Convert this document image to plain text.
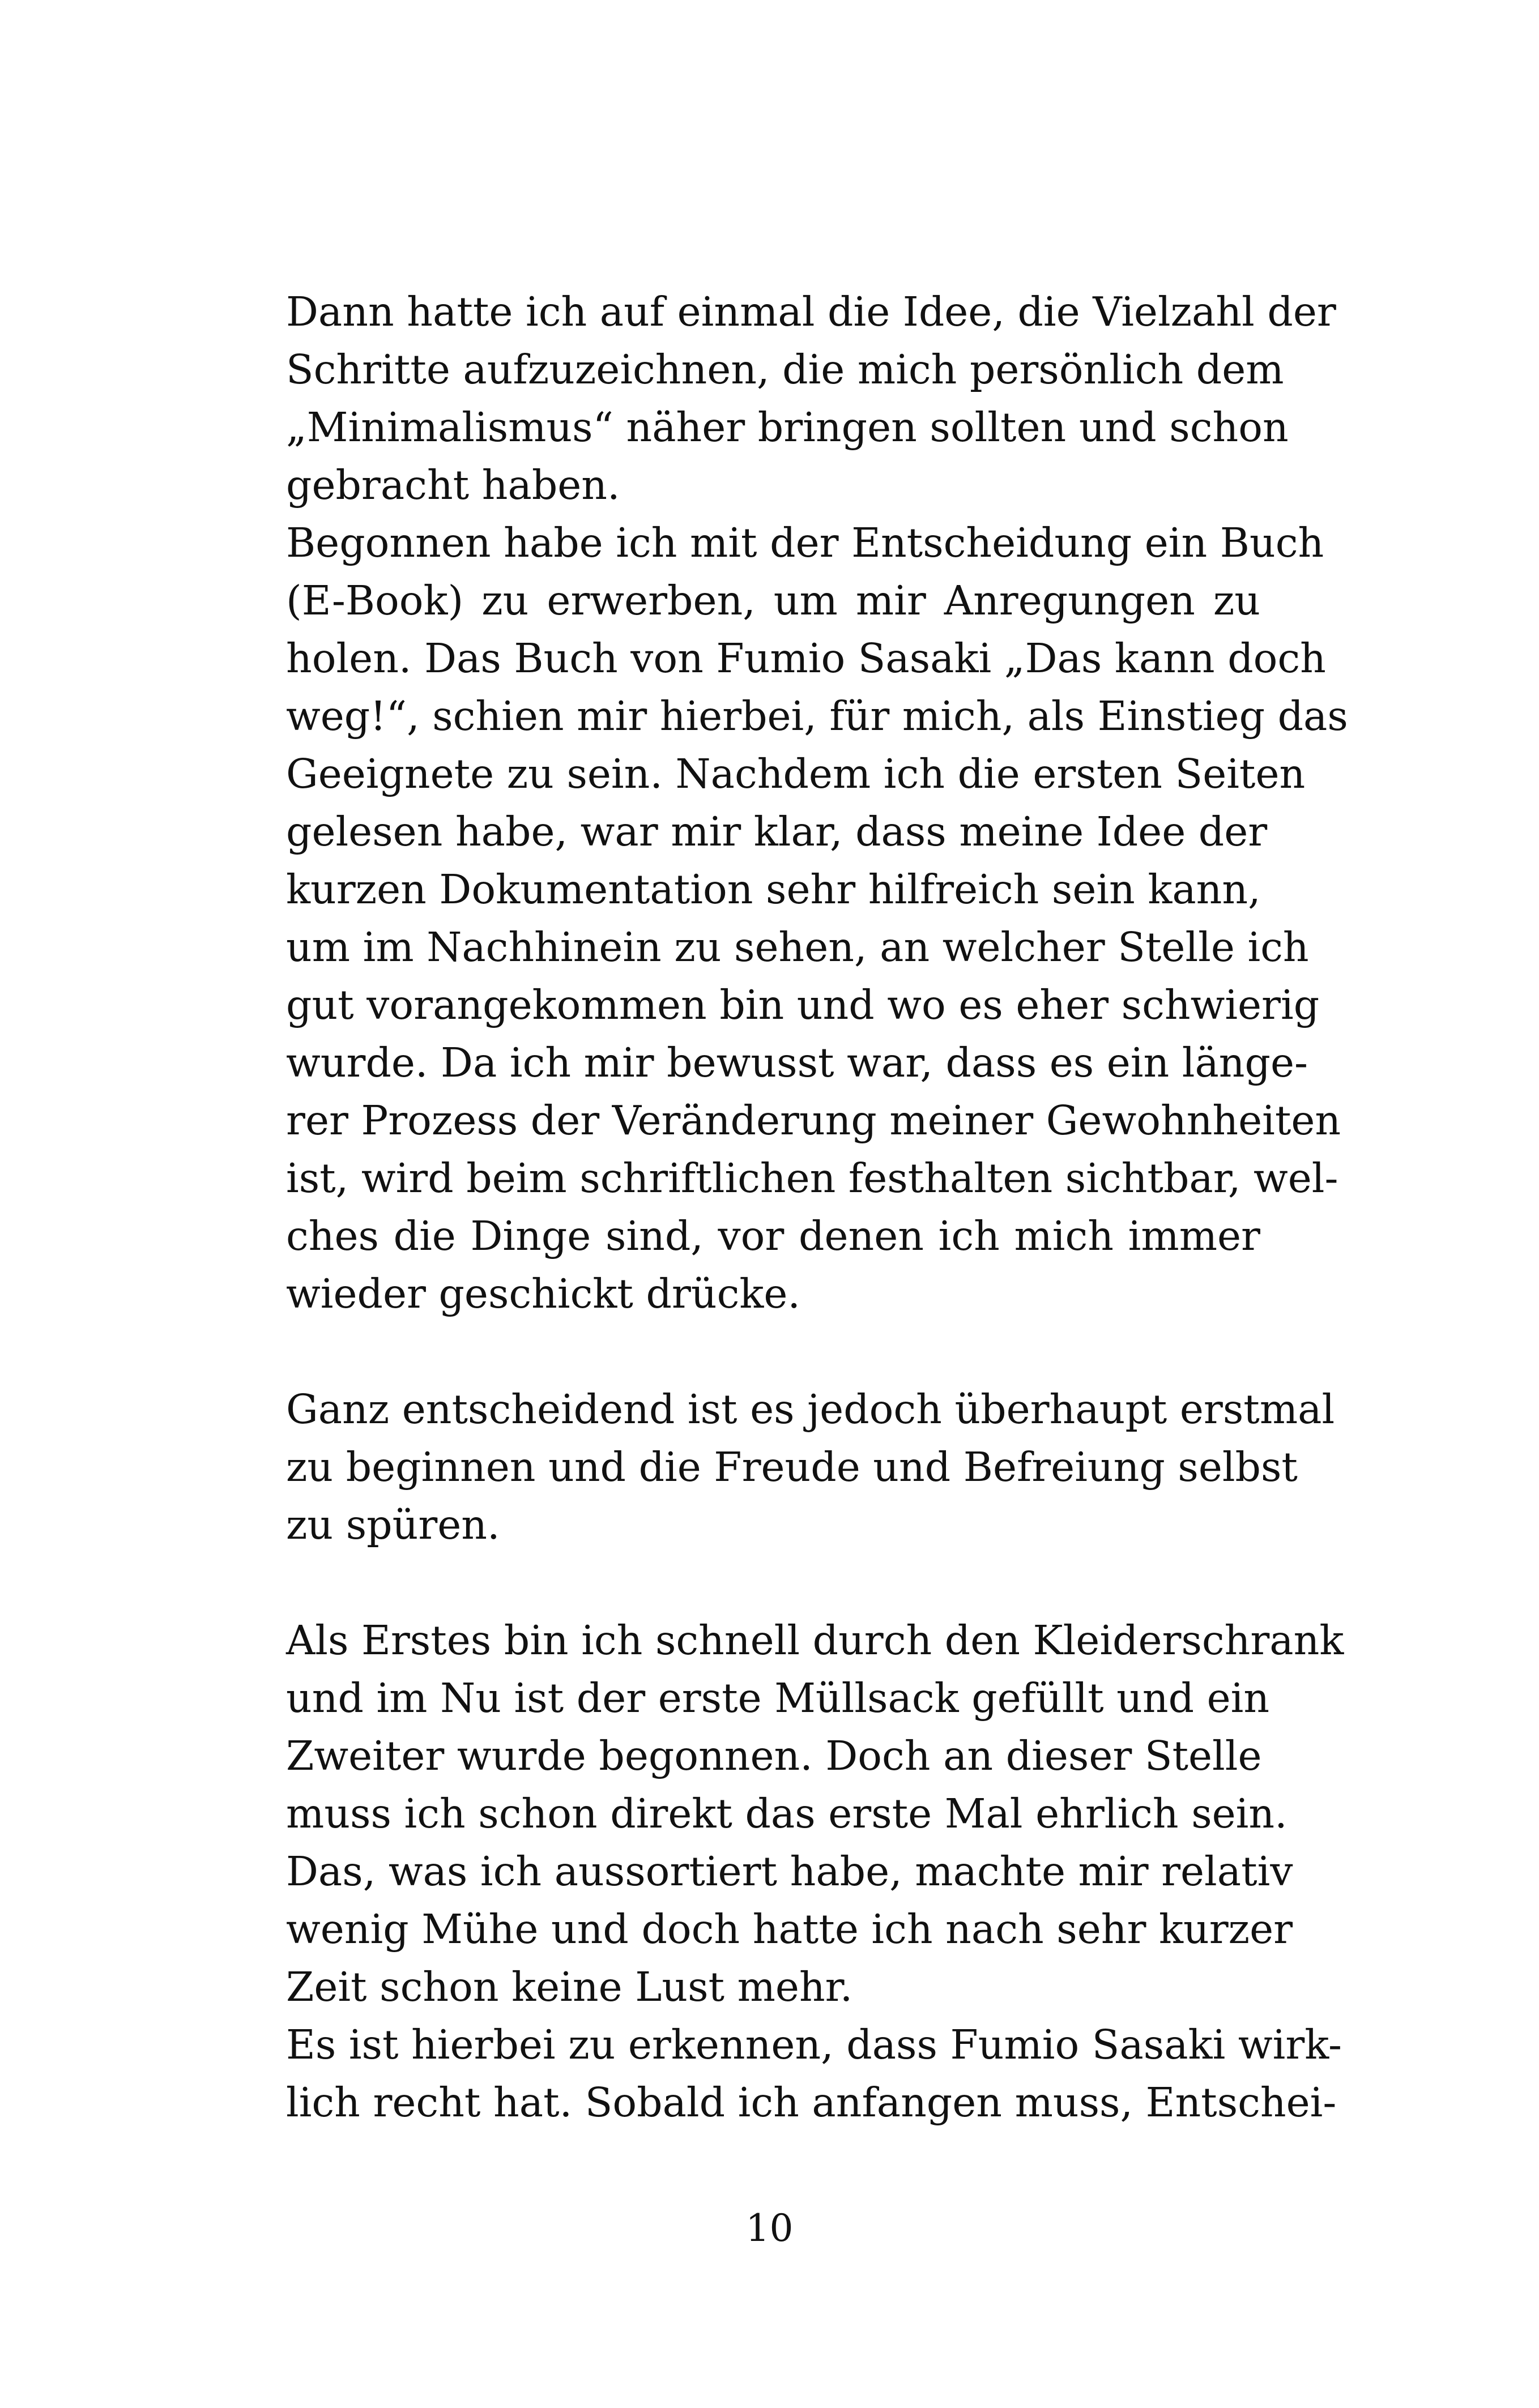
Dann hatte ich auf einmal die Idee, die Vielzahl der
Schritte aufzuzeichnen, die mich persönlich dem
„Minimalismus“ näher bringen sollten und schon
gebracht haben.
Begonnen habe ich mit der Entscheidung ein Buch
(E-Book) zu erwerben, um mir Anregungen zu
holen. Das Buch von Fumio Sasaki „Das kann doch
weg!“, schien mir hierbei, für mich, als Einstieg das
Geeignete zu sein. Nachdem ich die ersten Seiten
gelesen habe, war mir klar, dass meine Idee der
kurzen Dokumentation sehr hilfreich sein kann,
um im Nachhinein zu sehen, an welcher Stelle ich
gut vorangekommen bin und wo es eher schwierig
wurde. Da ich mir bewusst war, dass es ein länge-
rer Prozess der Veränderung meiner Gewohnheiten
ist, wird beim schriftlichen festhalten sichtbar, wel-
ches die Dinge sind, vor denen ich mich immer
wieder geschickt drücke.
Ganz entscheidend ist es jedoch überhaupt erstmal
zu beginnen und die Freude und Befreiung selbst
zu spüren.
Als Erstes bin ich schnell durch den Kleiderschrank
und im Nu ist der erste Müllsack gefüllt und ein
Zweiter wurde begonnen. Doch an dieser Stelle
muss ich schon direkt das erste Mal ehrlich sein.
Das, was ich aussortiert habe, machte mir relativ
wenig Mühe und doch hatte ich nach sehr kurzer
Zeit schon keine Lust mehr.
Es ist hierbei zu erkennen, dass Fumio Sasaki wirk-
lich recht hat. Sobald ich anfangen muss, Entschei-
10
